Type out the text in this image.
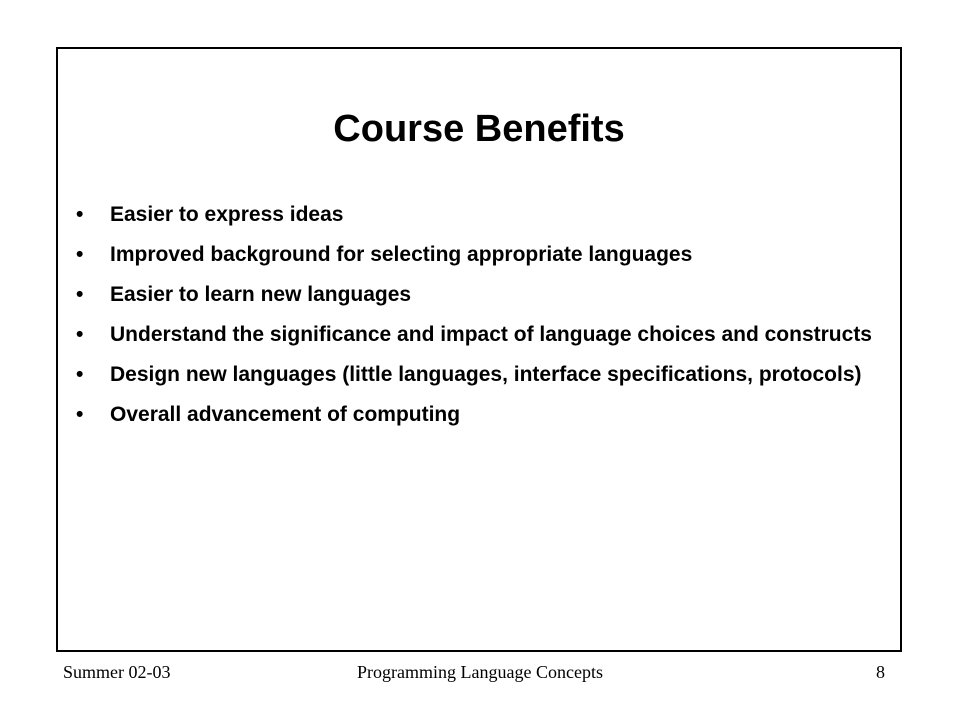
Course Benefits
•	Easier to express ideas
•	Improved background for selecting appropriate languages
•	Easier to learn new languages
•	Understand the significance and impact of language choices and constructs
•	Design new languages (little languages, interface specifications, protocols)
•	Overall advancement of computing
Summer 02-03	Programming Language Concepts	8
